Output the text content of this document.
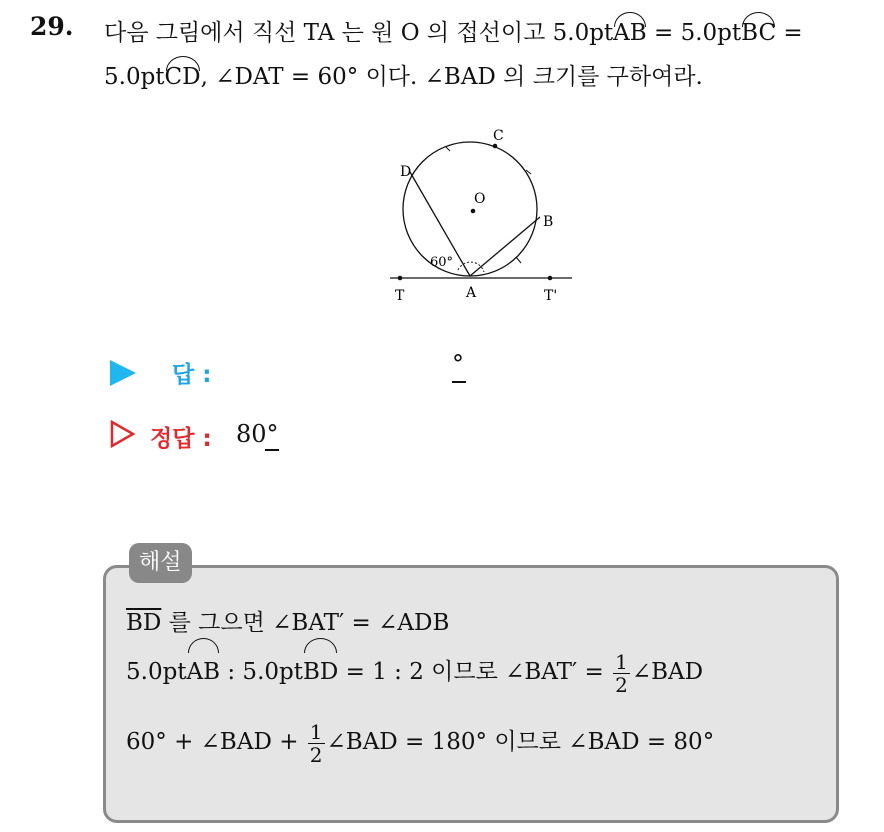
29. 다음 그림에서 직선 TA 는 원 O 의 접선이고 5.0ptAB = 5.0ptBC =
5.0ptCD, ∠DAT = 60° 이다. ∠BAD 의 크기를 구하여라.
C
D
O
B
60°
T	A	T'
답 :	°
정답 : 80°
해설
$\overline{BD}$ 를 그으면 ∠BAT′ = ∠ADB
5.0ptAB : 5.0ptBD = 1 : 2 이므로 ∠BAT′ = $\frac{1}{2}$ ∠BAD
60° + ∠BAD + $\frac{1}{2}$ ∠BAD = 180° 이므로 ∠BAD = 80°
